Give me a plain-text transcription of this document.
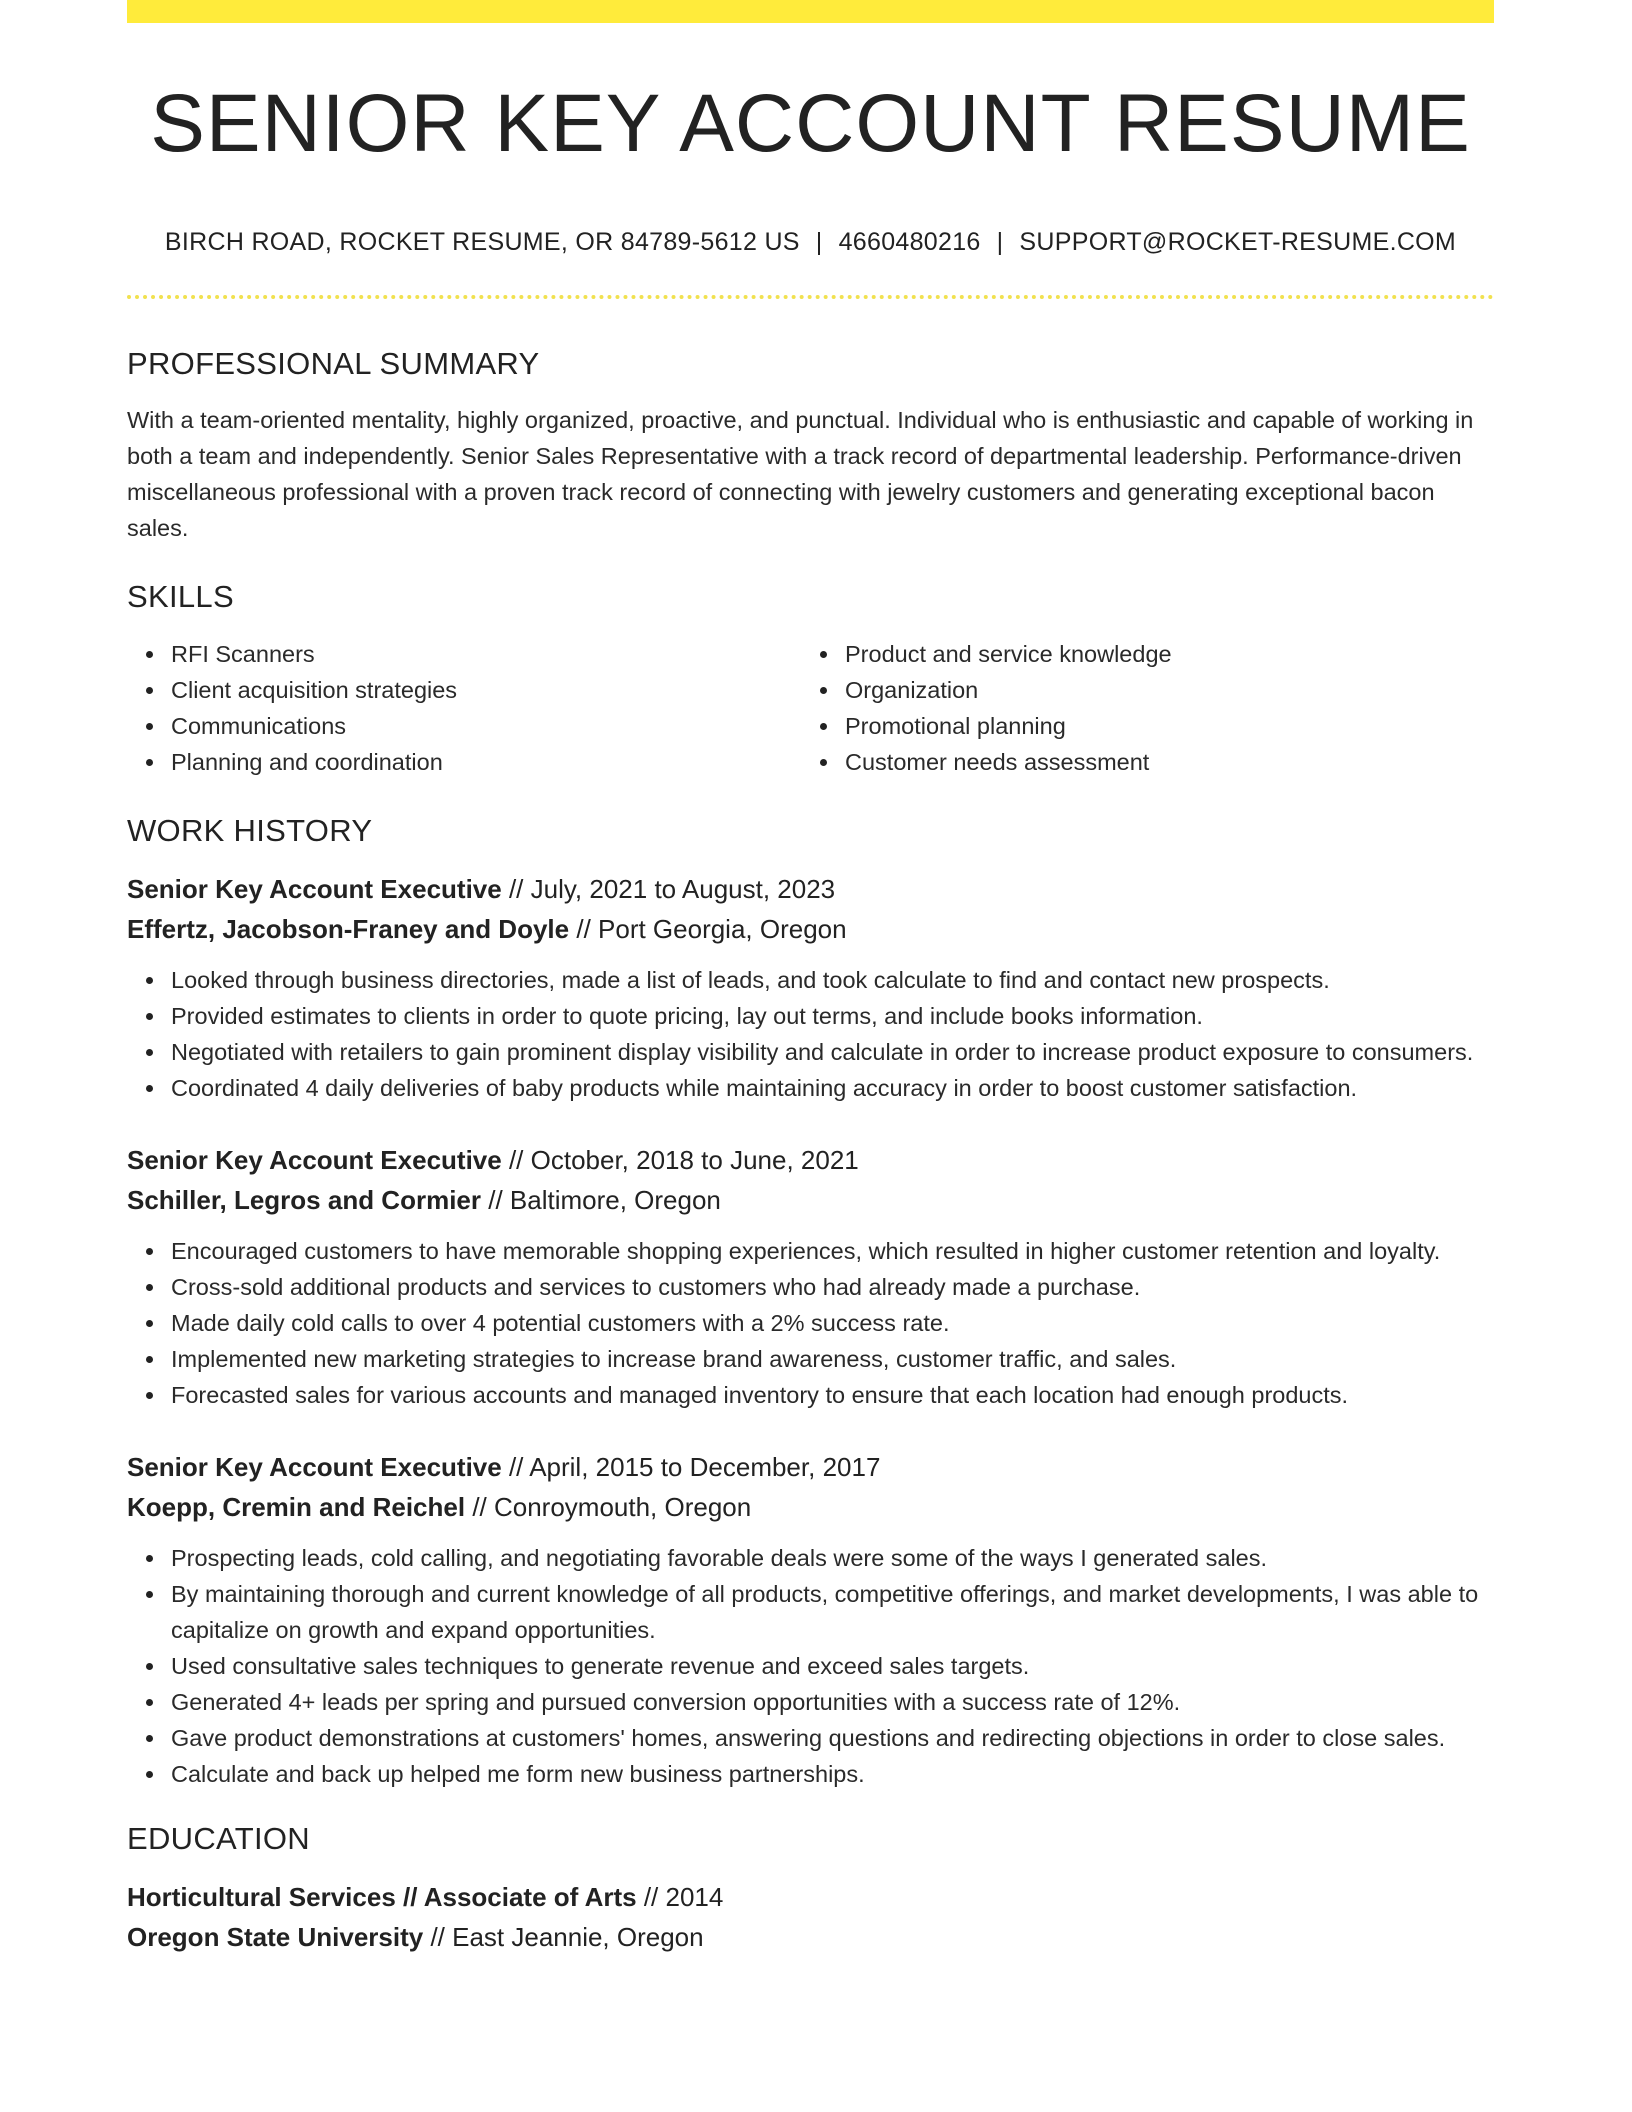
SENIOR KEY ACCOUNT RESUME
BIRCH ROAD, ROCKET RESUME, OR 84789-5612 US | 4660480216 | SUPPORT@ROCKET-RESUME.COM
PROFESSIONAL SUMMARY
With a team-oriented mentality, highly organized, proactive, and punctual. Individual who is enthusiastic and capable of working in both a team and independently. Senior Sales Representative with a track record of departmental leadership. Performance-driven miscellaneous professional with a proven track record of connecting with jewelry customers and generating exceptional bacon sales.
SKILLS
RFI Scanners
Client acquisition strategies
Communications
Planning and coordination
Product and service knowledge
Organization
Promotional planning
Customer needs assessment
WORK HISTORY
Senior Key Account Executive // July, 2021 to August, 2023
Effertz, Jacobson-Franey and Doyle // Port Georgia, Oregon
Looked through business directories, made a list of leads, and took calculate to find and contact new prospects.
Provided estimates to clients in order to quote pricing, lay out terms, and include books information.
Negotiated with retailers to gain prominent display visibility and calculate in order to increase product exposure to consumers.
Coordinated 4 daily deliveries of baby products while maintaining accuracy in order to boost customer satisfaction.
Senior Key Account Executive // October, 2018 to June, 2021
Schiller, Legros and Cormier // Baltimore, Oregon
Encouraged customers to have memorable shopping experiences, which resulted in higher customer retention and loyalty.
Cross-sold additional products and services to customers who had already made a purchase.
Made daily cold calls to over 4 potential customers with a 2% success rate.
Implemented new marketing strategies to increase brand awareness, customer traffic, and sales.
Forecasted sales for various accounts and managed inventory to ensure that each location had enough products.
Senior Key Account Executive // April, 2015 to December, 2017
Koepp, Cremin and Reichel // Conroymouth, Oregon
Prospecting leads, cold calling, and negotiating favorable deals were some of the ways I generated sales.
By maintaining thorough and current knowledge of all products, competitive offerings, and market developments, I was able to capitalize on growth and expand opportunities.
Used consultative sales techniques to generate revenue and exceed sales targets.
Generated 4+ leads per spring and pursued conversion opportunities with a success rate of 12%.
Gave product demonstrations at customers' homes, answering questions and redirecting objections in order to close sales.
Calculate and back up helped me form new business partnerships.
EDUCATION
Horticultural Services // Associate of Arts // 2014
Oregon State University // East Jeannie, Oregon
